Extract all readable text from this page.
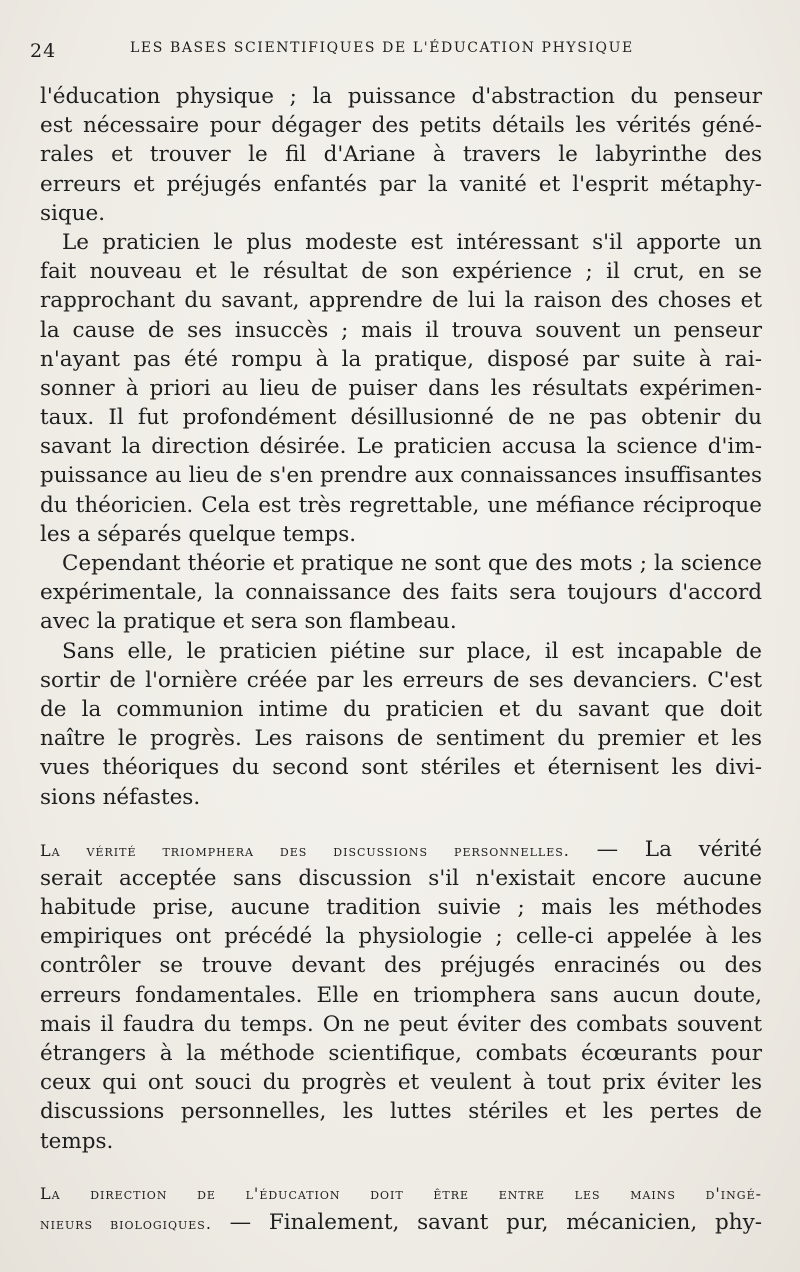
24	LES BASES SCIENTIFIQUES DE L'ÉDUCATION PHYSIQUE
l'éducation physique ; la puissance d'abstraction du penseur
est nécessaire pour dégager des petits détails les vérités géné-
rales et trouver le fil d'Ariane à travers le labyrinthe des
erreurs et préjugés enfantés par la vanité et l'esprit métaphy-
sique.
Le praticien le plus modeste est intéressant s'il apporte un
fait nouveau et le résultat de son expérience ; il crut, en se
rapprochant du savant, apprendre de lui la raison des choses et
la cause de ses insuccès ; mais il trouva souvent un penseur
n'ayant pas été rompu à la pratique, disposé par suite à rai-
sonner à priori au lieu de puiser dans les résultats expérimen-
taux. Il fut profondément désillusionné de ne pas obtenir du
savant la direction désirée. Le praticien accusa la science d'im-
puissance au lieu de s'en prendre aux connaissances insuffisantes
du théoricien. Cela est très regrettable, une méfiance réciproque
les a séparés quelque temps.
Cependant théorie et pratique ne sont que des mots ; la science
expérimentale, la connaissance des faits sera toujours d'accord
avec la pratique et sera son flambeau.
Sans elle, le praticien piétine sur place, il est incapable de
sortir de l'ornière créée par les erreurs de ses devanciers. C'est
de la communion intime du praticien et du savant que doit
naître le progrès. Les raisons de sentiment du premier et les
vues théoriques du second sont stériles et éternisent les divi-
sions néfastes.
La vérité triomphera des discussions personnelles. — La vérité
serait acceptée sans discussion s'il n'existait encore aucune
habitude prise, aucune tradition suivie ; mais les méthodes
empiriques ont précédé la physiologie ; celle-ci appelée à les
contrôler se trouve devant des préjugés enracinés ou des
erreurs fondamentales. Elle en triomphera sans aucun doute,
mais il faudra du temps. On ne peut éviter des combats souvent
étrangers à la méthode scientifique, combats écœurants pour
ceux qui ont souci du progrès et veulent à tout prix éviter les
discussions personnelles, les luttes stériles et les pertes de
temps.
La direction de l'éducation doit être entre les mains d'ingé-
nieurs biologiques. — Finalement, savant pur, mécanicien, phy-
